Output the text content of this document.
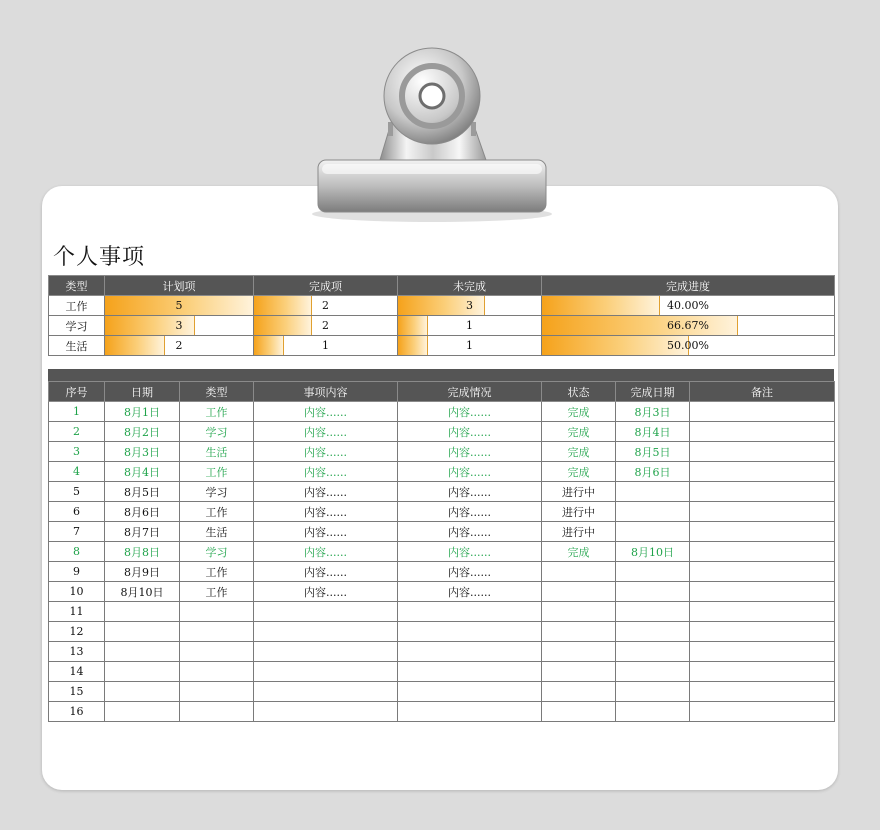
个人事项
类型	计划项	完成项	未完成	完成进度
工作	5	2	3	40.00%
学习	3	2	1	66.67%
生活	2	1	1	50.00%
序号	日期	类型	事项内容	完成情况	状态	完成日期	备注
1	8月1日	工作	内容......	内容......	完成	8月3日	
2	8月2日	学习	内容......	内容......	完成	8月4日	
3	8月3日	生活	内容......	内容......	完成	8月5日	
4	8月4日	工作	内容......	内容......	完成	8月6日	
5	8月5日	学习	内容......	内容......	进行中		
6	8月6日	工作	内容......	内容......	进行中		
7	8月7日	生活	内容......	内容......	进行中		
8	8月8日	学习	内容......	内容......	完成	8月10日	
9	8月9日	工作	内容......	内容......			
10	8月10日	工作	内容......	内容......			
11							
12							
13							
14							
15							
16							
